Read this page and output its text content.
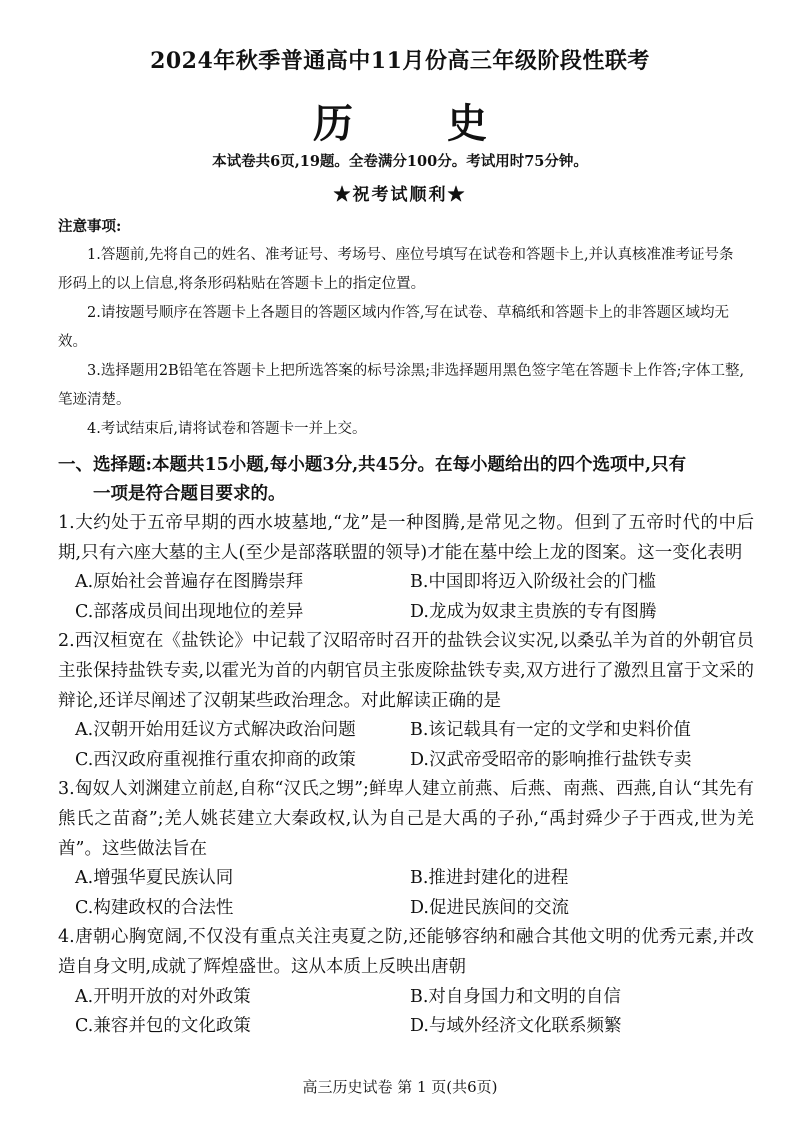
2024年秋季普通高中11月份高三年级阶段性联考
历 史
本试卷共6页,19题。全卷满分100分。考试用时75分钟。
★祝考试顺利★
注意事项:
1.答题前,先将自己的姓名、准考证号、考场号、座位号填写在试卷和答题卡上,并认真核准准考证号条形码上的以上信息,将条形码粘贴在答题卡上的指定位置。
2.请按题号顺序在答题卡上各题目的答题区域内作答,写在试卷、草稿纸和答题卡上的非答题区域均无效。
3.选择题用2B铅笔在答题卡上把所选答案的标号涂黑;非选择题用黑色签字笔在答题卡上作答;字体工整,笔迹清楚。
4.考试结束后,请将试卷和答题卡一并上交。
一、选择题:本题共15小题,每小题3分,共45分。在每小题给出的四个选项中,只有
一项是符合题目要求的。

1.大约处于五帝早期的西水坡墓地,“龙”是一种图腾,是常见之物。但到了五帝时代的中后期,只有六座大墓的主人(至少是部落联盟的领导)才能在墓中绘上龙的图案。这一变化表明

A.原始社会普遍存在图腾崇拜	B.中国即将迈入阶级社会的门槛
C.部落成员间出现地位的差异	D.龙成为奴隶主贵族的专有图腾

2.西汉桓宽在《盐铁论》中记载了汉昭帝时召开的盐铁会议实况,以桑弘羊为首的外朝官员主张保持盐铁专卖,以霍光为首的内朝官员主张废除盐铁专卖,双方进行了激烈且富于文采的辩论,还详尽阐述了汉朝某些政治理念。对此解读正确的是

A.汉朝开始用廷议方式解决政治问题	B.该记载具有一定的文学和史料价值
C.西汉政府重视推行重农抑商的政策	D.汉武帝受昭帝的影响推行盐铁专卖

3.匈奴人刘渊建立前赵,自称“汉氏之甥”;鲜卑人建立前燕、后燕、南燕、西燕,自认“其先有熊氏之苗裔”;羌人姚苌建立大秦政权,认为自己是大禹的子孙,“禹封舜少子于西戎,世为羌酋”。这些做法旨在

A.增强华夏民族认同	B.推进封建化的进程
C.构建政权的合法性	D.促进民族间的交流

4.唐朝心胸宽阔,不仅没有重点关注夷夏之防,还能够容纳和融合其他文明的优秀元素,并改造自身文明,成就了辉煌盛世。这从本质上反映出唐朝

A.开明开放的对外政策	B.对自身国力和文明的自信
C.兼容并包的文化政策	D.与域外经济文化联系频繁
高三历史试卷 第 1 页(共6页)
